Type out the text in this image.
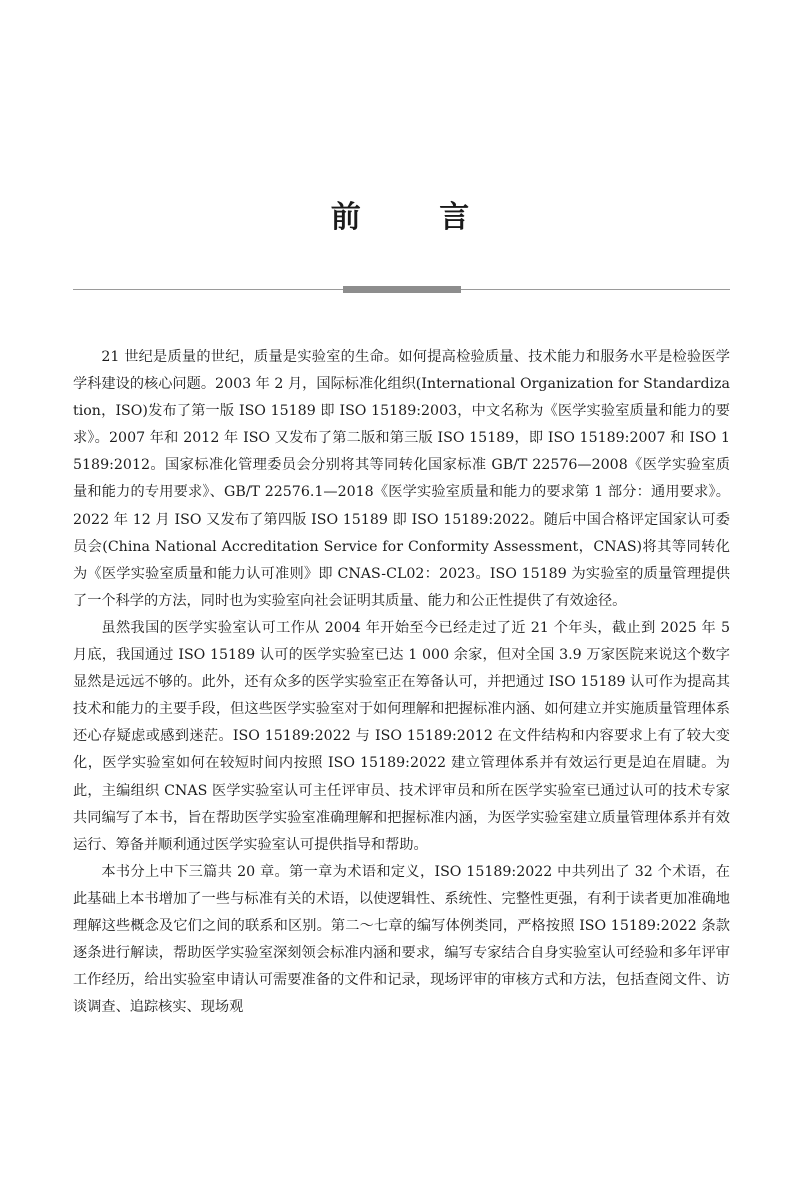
前 言

21 世纪是质量的世纪，质量是实验室的生命。如何提高检验质量、技术能力和服务水平是检验医学学科建设的核心问题。2003 年 2 月，国际标准化组织(International Organization for Standardization，ISO)发布了第一版 ISO 15189 即 ISO 15189:2003，中文名称为《医学实验室质量和能力的要求》。2007 年和 2012 年 ISO 又发布了第二版和第三版 ISO 15189，即 ISO 15189:2007 和 ISO 15189:2012。国家标准化管理委员会分别将其等同转化国家标准 GB/T 22576—2008《医学实验室质量和能力的专用要求》、GB/T 22576.1—2018《医学实验室质量和能力的要求第 1 部分：通用要求》。2022 年 12 月 ISO 又发布了第四版 ISO 15189 即 ISO 15189:2022。随后中国合格评定国家认可委员会(China National Accreditation Service for Conformity Assessment，CNAS)将其等同转化为《医学实验室质量和能力认可准则》即 CNAS-CL02：2023。ISO 15189 为实验室的质量管理提供了一个科学的方法，同时也为实验室向社会证明其质量、能力和公正性提供了有效途径。

虽然我国的医学实验室认可工作从 2004 年开始至今已经走过了近 21 个年头，截止到 2025 年 5 月底，我国通过 ISO 15189 认可的医学实验室已达 1 000 余家，但对全国 3.9 万家医院来说这个数字显然是远远不够的。此外，还有众多的医学实验室正在筹备认可，并把通过 ISO 15189 认可作为提高其技术和能力的主要手段，但这些医学实验室对于如何理解和把握标准内涵、如何建立并实施质量管理体系还心存疑虑或感到迷茫。ISO 15189:2022 与 ISO 15189:2012 在文件结构和内容要求上有了较大变化，医学实验室如何在较短时间内按照 ISO 15189:2022 建立管理体系并有效运行更是迫在眉睫。为此，主编组织 CNAS 医学实验室认可主任评审员、技术评审员和所在医学实验室已通过认可的技术专家共同编写了本书，旨在帮助医学实验室准确理解和把握标准内涵，为医学实验室建立质量管理体系并有效运行、筹备并顺利通过医学实验室认可提供指导和帮助。

本书分上中下三篇共 20 章。第一章为术语和定义，ISO 15189:2022 中共列出了 32 个术语，在此基础上本书增加了一些与标准有关的术语，以使逻辑性、系统性、完整性更强，有利于读者更加准确地理解这些概念及它们之间的联系和区别。第二～七章的编写体例类同，严格按照 ISO 15189:2022 条款逐条进行解读，帮助医学实验室深刻领会标准内涵和要求，编写专家结合自身实验室认可经验和多年评审工作经历，给出实验室申请认可需要准备的文件和记录，现场评审的审核方式和方法，包括查阅文件、访谈调查、追踪核实、现场观
